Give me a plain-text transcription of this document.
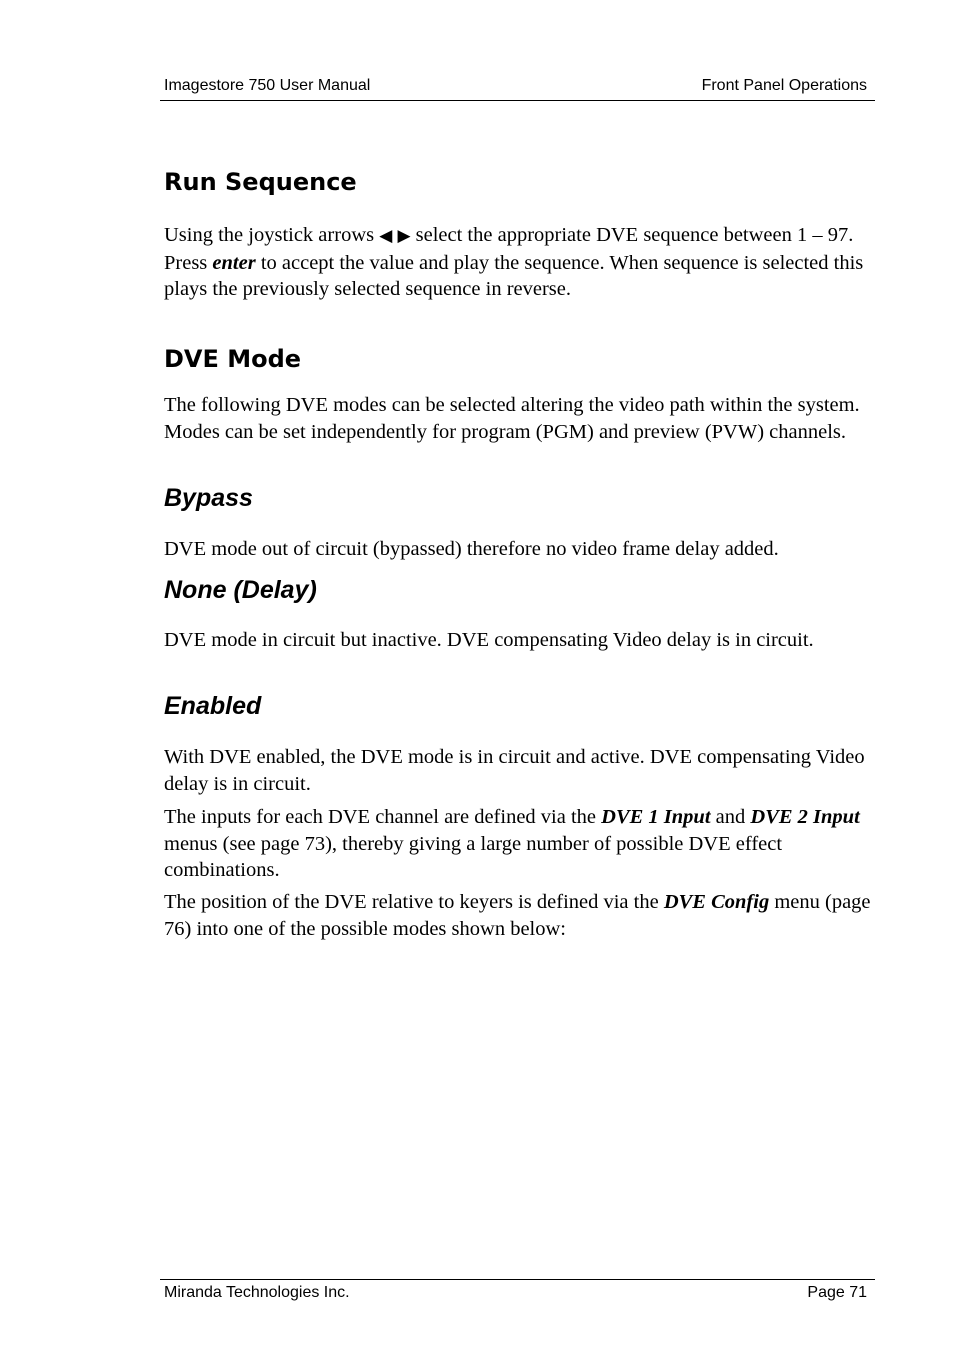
Imagestore 750 User Manual	Front Panel Operations
Run Sequence

Using the joystick arrows ◀ ▶ select the appropriate DVE sequence between 1 – 97. Press enter to accept the value and play the sequence. When sequence is selected this plays the previously selected sequence in reverse.

DVE Mode

The following DVE modes can be selected altering the video path within the system. Modes can be set independently for program (PGM) and preview (PVW) channels.

Bypass

DVE mode out of circuit (bypassed) therefore no video frame delay added.

None (Delay)

DVE mode in circuit but inactive. DVE compensating Video delay is in circuit.

Enabled

With DVE enabled, the DVE mode is in circuit and active. DVE compensating Video delay is in circuit.

The inputs for each DVE channel are defined via the DVE 1 Input and DVE 2 Input menus (see page 73), thereby giving a large number of possible DVE effect combinations.

The position of the DVE relative to keyers is defined via the DVE Config menu (page 76) into one of the possible modes shown below:

Miranda Technologies Inc.	Page 71
